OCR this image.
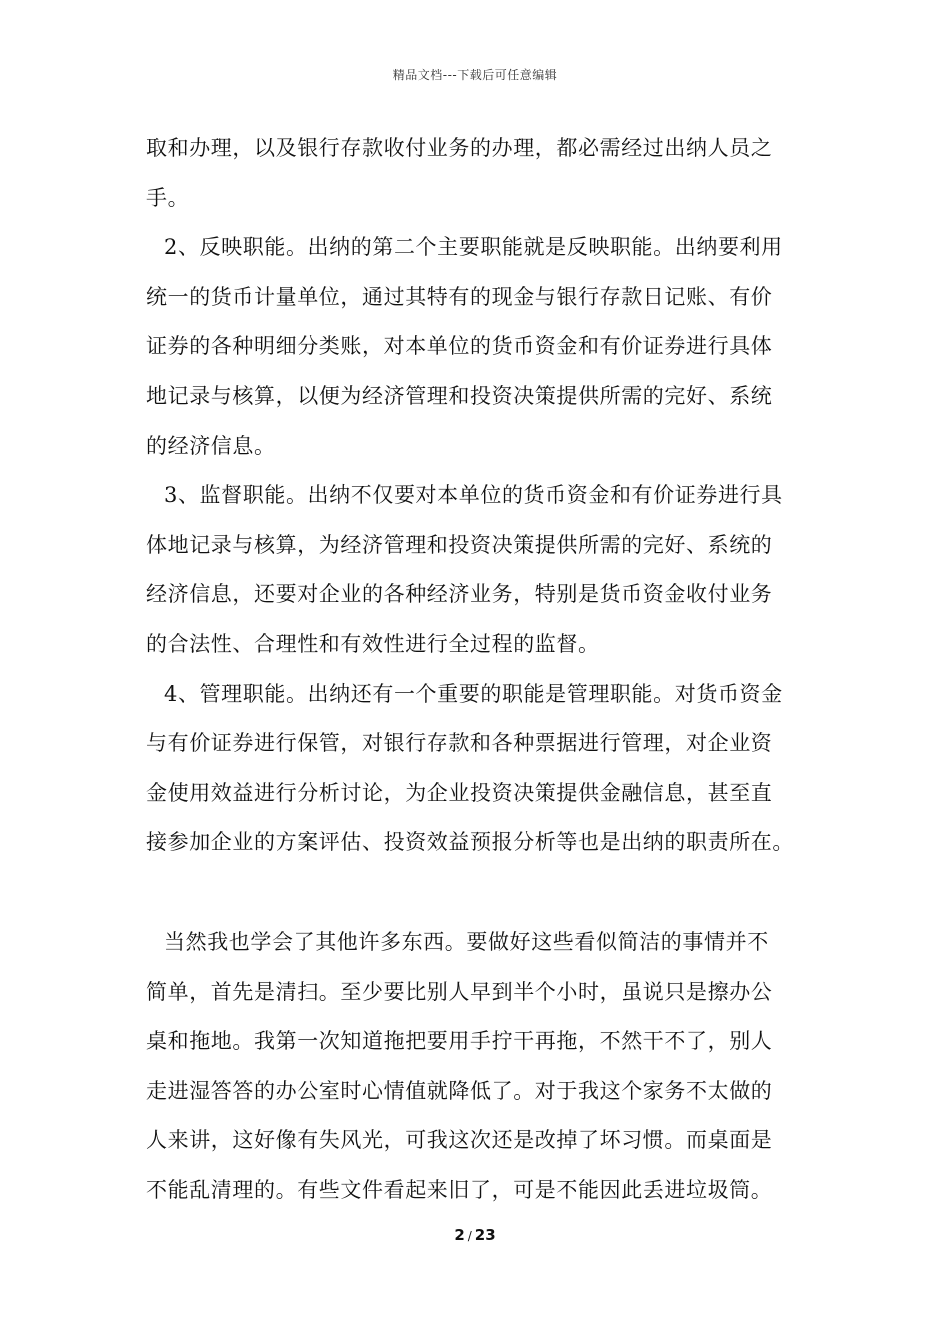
精品文档---下载后可任意编辑
取和办理，以及银行存款收付业务的办理，都必需经过出纳人员之
手。
2、反映职能。出纳的第二个主要职能就是反映职能。出纳要利用
统一的货币计量单位，通过其特有的现金与银行存款日记账、有价
证券的各种明细分类账，对本单位的货币资金和有价证券进行具体
地记录与核算，以便为经济管理和投资决策提供所需的完好、系统
的经济信息。
3、监督职能。出纳不仅要对本单位的货币资金和有价证券进行具
体地记录与核算，为经济管理和投资决策提供所需的完好、系统的
经济信息，还要对企业的各种经济业务，特别是货币资金收付业务
的合法性、合理性和有效性进行全过程的监督。
4、管理职能。出纳还有一个重要的职能是管理职能。对货币资金
与有价证券进行保管，对银行存款和各种票据进行管理，对企业资
金使用效益进行分析讨论，为企业投资决策提供金融信息，甚至直
接参加企业的方案评估、投资效益预报分析等也是出纳的职责所在。
当然我也学会了其他许多东西。要做好这些看似简洁的事情并不
简单，首先是清扫。至少要比别人早到半个小时，虽说只是擦办公
桌和拖地。我第一次知道拖把要用手拧干再拖，不然干不了，别人
走进湿答答的办公室时心情值就降低了。对于我这个家务不太做的
人来讲，这好像有失风光，可我这次还是改掉了坏习惯。而桌面是
不能乱清理的。有些文件看起来旧了，可是不能因此丢进垃圾筒。
2 / 23
